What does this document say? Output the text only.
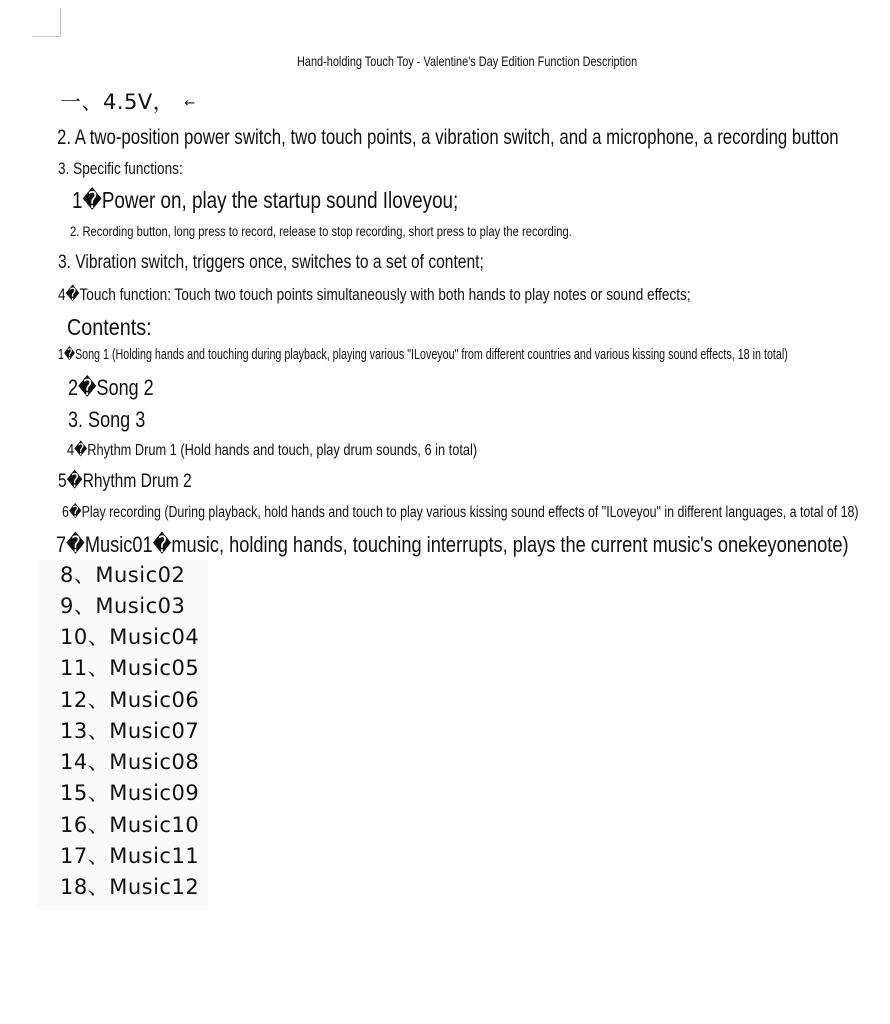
Hand-holding Touch Toy - Valentine's Day Edition Function Description
一、4.5V， ←
2. A two-position power switch, two touch points, a vibration switch, and a microphone, a recording button
3. Specific functions:
1�Power on, play the startup sound Iloveyou;
2. Recording button, long press to record, release to stop recording, short press to play the recording.
3. Vibration switch, triggers once, switches to a set of content;
4�Touch function: Touch two touch points simultaneously with both hands to play notes or sound effects;
Contents:
1�Song 1 (Holding hands and touching during playback, playing various "ILoveyou" from different countries and various kissing sound effects, 18 in total)
2�Song 2
3. Song 3
4�Rhythm Drum 1 (Hold hands and touch, play drum sounds, 6 in total)
5�Rhythm Drum 2
6�Play recording (During playback, hold hands and touch to play various kissing sound effects of "ILoveyou" in different languages, a total of 18)
7�Music01�music, holding hands, touching interrupts, plays the current music's onekeyonenote)
8、Music02
9、Music03
10、Music04
11、Music05
12、Music06
13、Music07
14、Music08
15、Music09
16、Music10
17、Music11
18、Music12
